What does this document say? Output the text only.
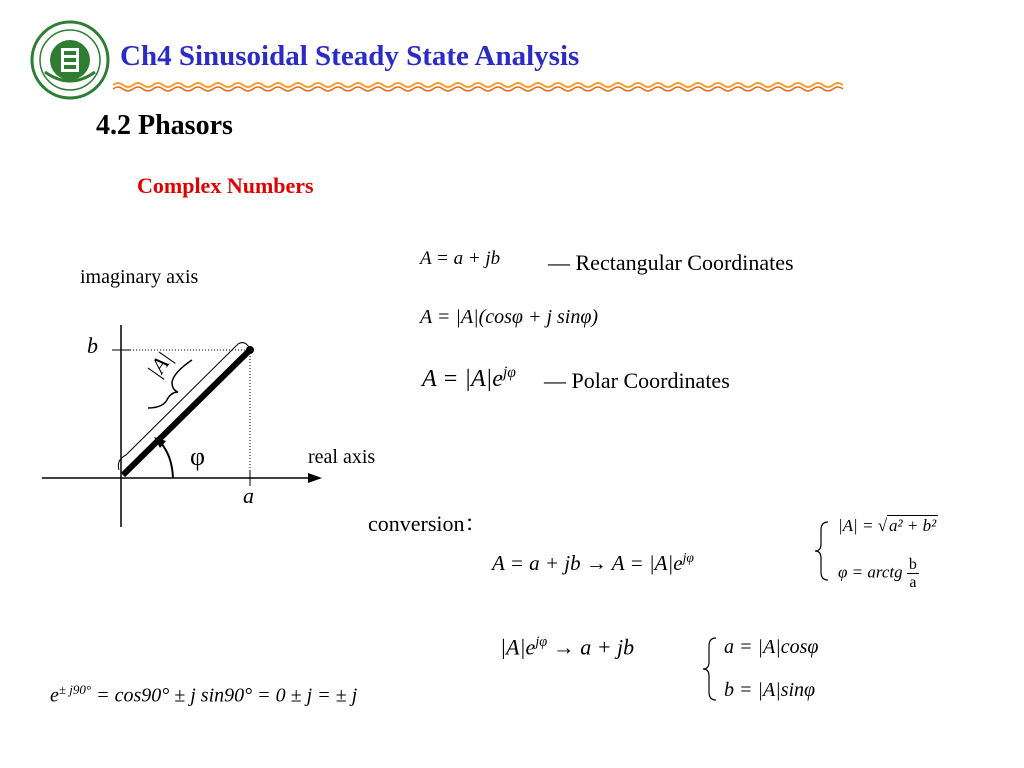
Ch4 Sinusoidal Steady State Analysis
4.2 Phasors
Complex Numbers
imaginary axis
b
|A|
φ	real axis
a
A = a + jb — Rectangular Coordinates
A = |A|(cosφ + j sinφ)
$A = |A|e^{j\varphi}$ — Polar Coordinates
conversion：
A = a + jb → $A = |A|e^{j\varphi}$
|A| = √ a² + b²
φ = arctg $\frac{b}{a}$
$|A|e^{j\varphi} \to a$ + jb	a = |A|cosφ
b = |A|sinφ
$e^{\pm j90^\circ} = \cos 90^\circ \pm j$ sin90° = 0 ± j = ± j
